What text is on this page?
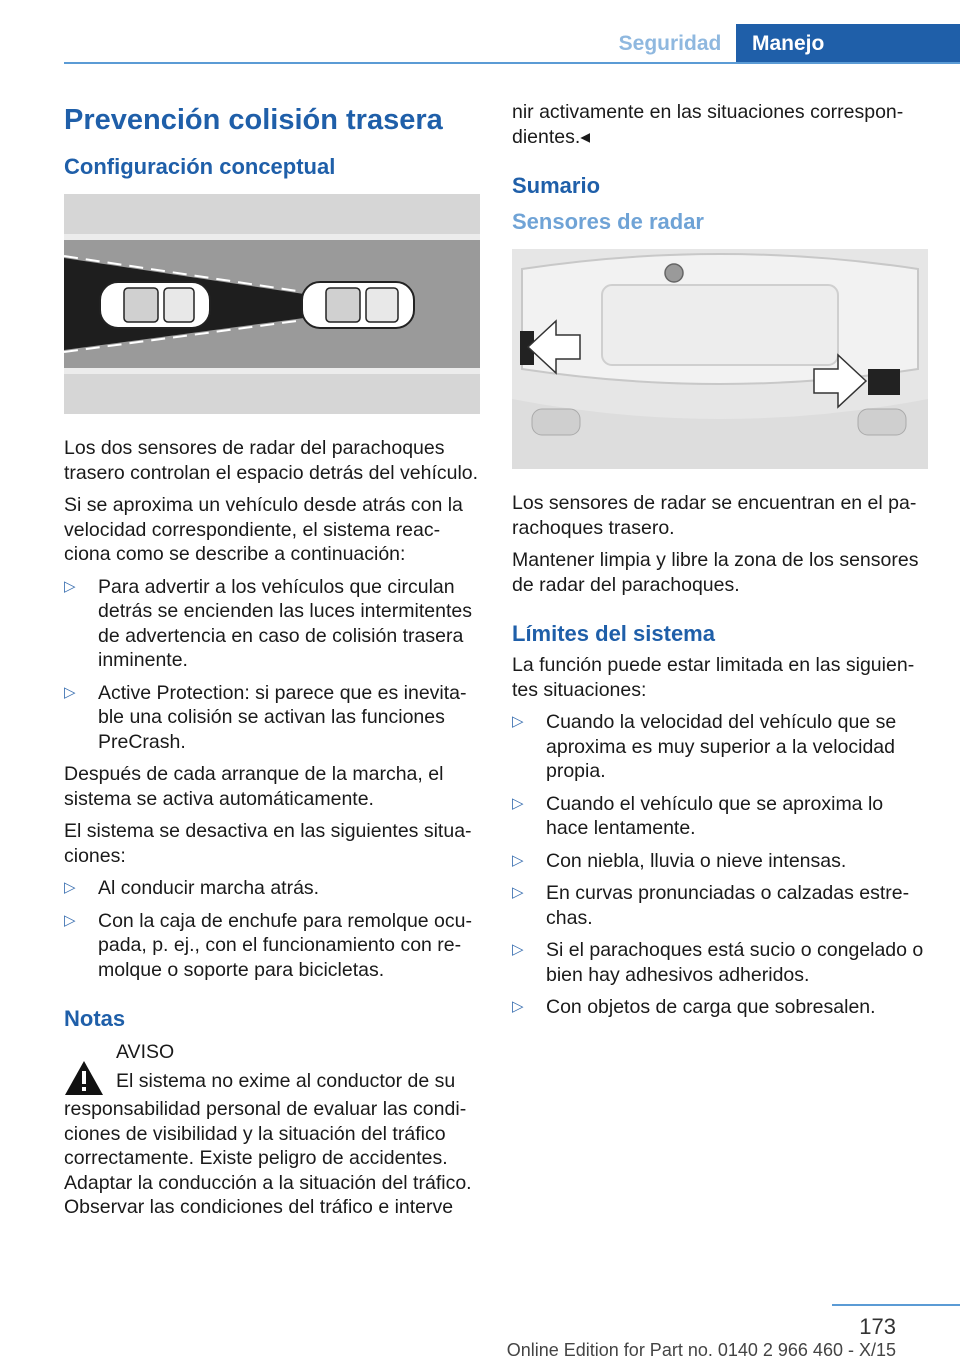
Seguridad	Manejo
Prevención colisión trasera
Configuración conceptual

Los dos sensores de radar del parachoques trasero controlan el espacio detrás del vehículo.

Si se aproxima un vehículo desde atrás con la velocidad correspondiente, el sistema reacciona como se describe a continuación:

▷ Para advertir a los vehículos que circulan detrás se encienden las luces intermitentes de advertencia en caso de colisión trasera inminente.
▷ Active Protection: si parece que es inevitable una colisión se activan las funciones PreCrash.

Después de cada arranque de la marcha, el sistema se activa automáticamente.

El sistema se desactiva en las siguientes situaciones:

▷ Al conducir marcha atrás.
▷ Con la caja de enchufe para remolque ocupada, p. ej., con el funcionamiento con remolque o soporte para bicicletas.
Notas
AVISO
El sistema no exime al conductor de su
responsabilidad personal de evaluar las condiciones de visibilidad y la situación del tráfico correctamente. Existe peligro de accidentes. Adaptar la conducción a la situación del tráfico. Observar las condiciones del tráfico e interve

nir activamente en las situaciones correspondientes.◂

Sumario
Sensores de radar

Los sensores de radar se encuentran en el parachoques trasero.

Mantener limpia y libre la zona de los sensores de radar del parachoques.

Límites del sistema

La función puede estar limitada en las siguientes situaciones:

▷ Cuando la velocidad del vehículo que se aproxima es muy superior a la velocidad propia.
▷ Cuando el vehículo que se aproxima lo hace lentamente.
▷ Con niebla, lluvia o nieve intensas.
▷ En curvas pronunciadas o calzadas estrechas.
▷ Si el parachoques está sucio o congelado o bien hay adhesivos adheridos.
▷ Con objetos de carga que sobresalen.
173
Online Edition for Part no. 0140 2 966 460 - X/15
